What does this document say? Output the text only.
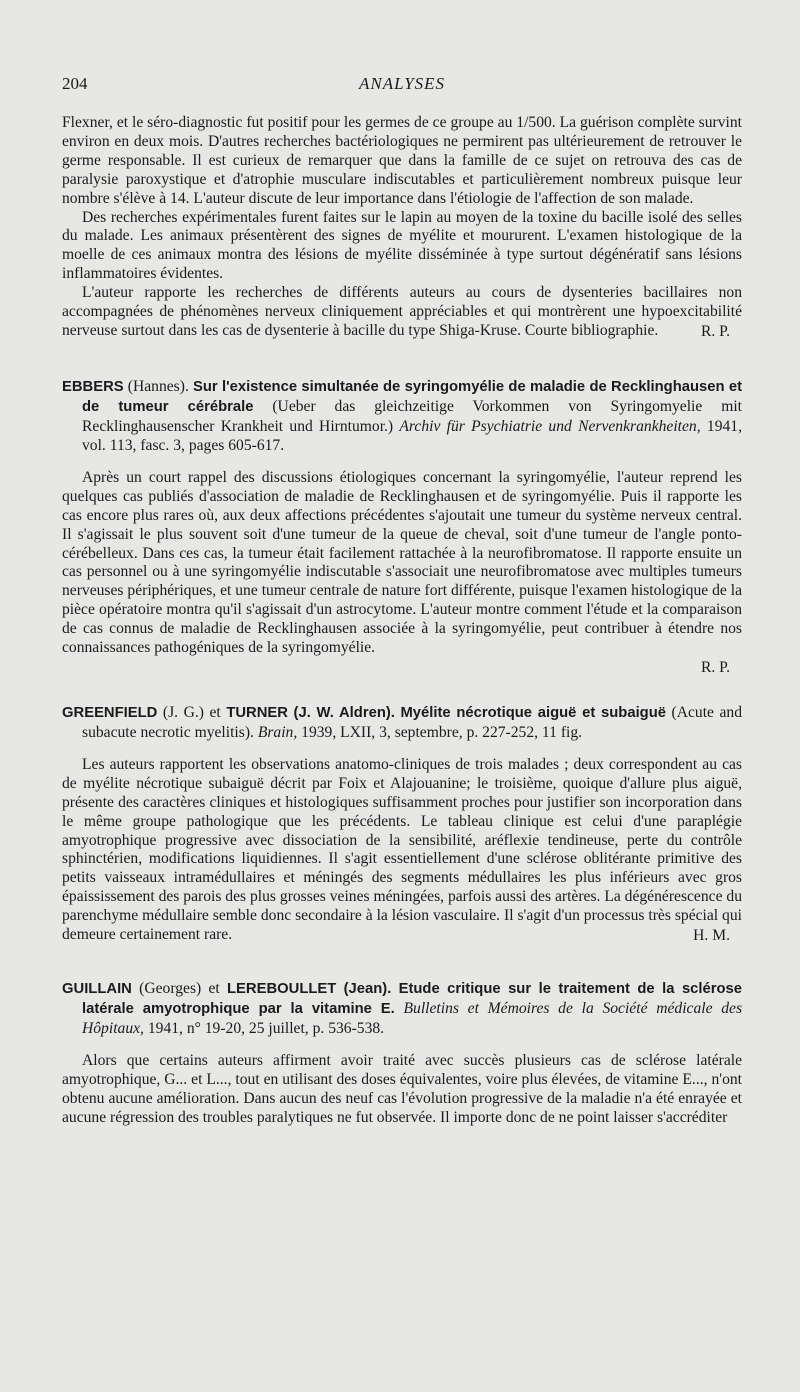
204	ANALYSES

Flexner, et le séro-diagnostic fut positif pour les germes de ce groupe au 1/500. La guérison complète survint environ en deux mois. D'autres recherches bactériologiques ne permirent pas ultérieurement de retrouver le germe responsable. Il est curieux de remarquer que dans la famille de ce sujet on retrouva des cas de paralysie paroxystique et d'atrophie musculare indiscutables et particulièrement nombreux puisque leur nombre s'élève à 14. L'auteur discute de leur importance dans l'étiologie de l'affection de son malade.

Des recherches expérimentales furent faites sur le lapin au moyen de la toxine du bacille isolé des selles du malade. Les animaux présentèrent des signes de myélite et moururent. L'examen histologique de la moelle de ces animaux montra des lésions de myélite disséminée à type surtout dégénératif sans lésions inflammatoires évidentes.

L'auteur rapporte les recherches de différents auteurs au cours de dysenteries bacillaires non accompagnées de phénomènes nerveux cliniquement appréciables et qui montrèrent une hypoexcitabilité nerveuse surtout dans les cas de dysenterie à bacille du type Shiga-Kruse. Courte bibliographie.	R. P.

EBBERS (Hannes). Sur l'existence simultanée de syringomyélie de maladie de Recklinghausen et de tumeur cérébrale (Ueber das gleichzeitige Vorkommen von Syringomyelie mit Recklinghausenscher Krankheit und Hirntumor.) Archiv für Psychiatrie und Nervenkrankheiten, 1941, vol. 113, fasc. 3, pages 605-617.

Après un court rappel des discussions étiologiques concernant la syringomyélie, l'auteur reprend les quelques cas publiés d'association de maladie de Recklinghausen et de syringomyélie. Puis il rapporte les cas encore plus rares où, aux deux affections précédentes s'ajoutait une tumeur du système nerveux central. Il s'agissait le plus souvent soit d'une tumeur de la queue de cheval, soit d'une tumeur de l'angle ponto-cérébelleux. Dans ces cas, la tumeur était facilement rattachée à la neurofibromatose. Il rapporte ensuite un cas personnel ou à une syringomyélie indiscutable s'associait une neurofibromatose avec multiples tumeurs nerveuses périphériques, et une tumeur centrale de nature fort différente, puisque l'examen histologique de la pièce opératoire montra qu'il s'agissait d'un astrocytome. L'auteur montre comment l'étude et la comparaison de cas connus de maladie de Recklinghausen associée à la syringomyélie, peut contribuer à étendre nos connaissances pathogéniques de la syringomyélie.

R. P.
GREENFIELD (J. G.) et TURNER (J. W. Aldren). Myélite nécrotique aiguë et subaiguë (Acute and subacute necrotic myelitis). Brain, 1939, LXII, 3, septembre, p. 227-252, 11 fig.

Les auteurs rapportent les observations anatomo-cliniques de trois malades ; deux correspondent au cas de myélite nécrotique subaiguë décrit par Foix et Alajouanine; le troisième, quoique d'allure plus aiguë, présente des caractères cliniques et histologiques suffisamment proches pour justifier son incorporation dans le même groupe pathologique que les précédents. Le tableau clinique est celui d'une paraplégie amyotrophique progressive avec dissociation de la sensibilité, aréflexie tendineuse, perte du contrôle sphinctérien, modifications liquidiennes. Il s'agit essentiellement d'une sclérose oblitérante primitive des petits vaisseaux intramédullaires et méningés des segments médullaires les plus inférieurs avec gros épaississement des parois des plus grosses veines méningées, parfois aussi des artères. La dégénérescence du parenchyme médullaire semble donc secondaire à la lésion vasculaire. Il s'agit d'un processus très spécial qui demeure certainement rare.	H. M.

GUILLAIN (Georges) et LEREBOULLET (Jean). Etude critique sur le traitement de la sclérose latérale amyotrophique par la vitamine E. Bulletins et Mémoires de la Société médicale des Hôpitaux, 1941, n° 19-20, 25 juillet, p. 536-538.

Alors que certains auteurs affirment avoir traité avec succès plusieurs cas de sclérose latérale amyotrophique, G... et L..., tout en utilisant des doses équivalentes, voire plus élevées, de vitamine E..., n'ont obtenu aucune amélioration. Dans aucun des neuf cas l'évolution progressive de la maladie n'a été enrayée et aucune régression des troubles paralytiques ne fut observée. Il importe donc de ne point laisser s'accréditer
